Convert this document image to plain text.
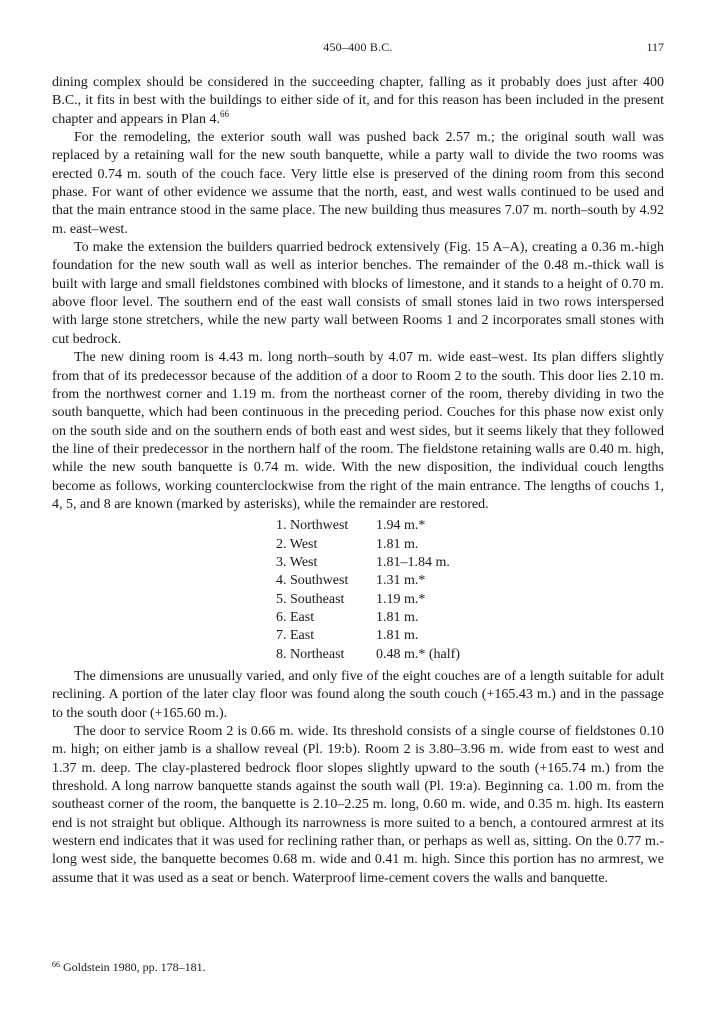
450–400 B.C.	117

dining complex should be considered in the succeeding chapter, falling as it probably does just after 400 B.C., it fits in best with the buildings to either side of it, and for this reason has been included in the present chapter and appears in Plan 4.66

For the remodeling, the exterior south wall was pushed back 2.57 m.; the original south wall was replaced by a retaining wall for the new south banquette, while a party wall to divide the two rooms was erected 0.74 m. south of the couch face. Very little else is preserved of the dining room from this second phase. For want of other evidence we assume that the north, east, and west walls continued to be used and that the main entrance stood in the same place. The new building thus measures 7.07 m. north–south by 4.92 m. east–west.

To make the extension the builders quarried bedrock extensively (Fig. 15 A–A), creating a 0.36 m.-high foundation for the new south wall as well as interior benches. The remainder of the 0.48 m.-thick wall is built with large and small fieldstones combined with blocks of limestone, and it stands to a height of 0.70 m. above floor level. The southern end of the east wall consists of small stones laid in two rows interspersed with large stone stretchers, while the new party wall between Rooms 1 and 2 incorporates small stones with cut bedrock.

The new dining room is 4.43 m. long north–south by 4.07 m. wide east–west. Its plan differs slightly from that of its predecessor because of the addition of a door to Room 2 to the south. This door lies 2.10 m. from the northwest corner and 1.19 m. from the northeast corner of the room, thereby dividing in two the south banquette, which had been continuous in the preceding period. Couches for this phase now exist only on the south side and on the southern ends of both east and west sides, but it seems likely that they followed the line of their predecessor in the northern half of the room. The fieldstone retaining walls are 0.40 m. high, while the new south banquette is 0.74 m. wide. With the new disposition, the individual couch lengths become as follows, working counterclockwise from the right of the main entrance. The lengths of couchs 1, 4, 5, and 8 are known (marked by asterisks), while the remainder are restored.

1. Northwest	1.94 m.*
2. West	1.81 m.
3. West	1.81–1.84 m.
4. Southwest	1.31 m.*
5. Southeast	1.19 m.*
6. East	1.81 m.
7. East	1.81 m.
8. Northeast	0.48 m.* (half)

The dimensions are unusually varied, and only five of the eight couches are of a length suitable for adult reclining. A portion of the later clay floor was found along the south couch (+165.43 m.) and in the passage to the south door (+165.60 m.).

The door to service Room 2 is 0.66 m. wide. Its threshold consists of a single course of fieldstones 0.10 m. high; on either jamb is a shallow reveal (Pl. 19:b). Room 2 is 3.80–3.96 m. wide from east to west and 1.37 m. deep. The clay-plastered bedrock floor slopes slightly upward to the south (+165.74 m.) from the threshold. A long narrow banquette stands against the south wall (Pl. 19:a). Beginning ca. 1.00 m. from the southeast corner of the room, the banquette is 2.10–2.25 m. long, 0.60 m. wide, and 0.35 m. high. Its eastern end is not straight but oblique. Although its narrowness is more suited to a bench, a contoured armrest at its western end indicates that it was used for reclining rather than, or perhaps as well as, sitting. On the 0.77 m.-long west side, the banquette becomes 0.68 m. wide and 0.41 m. high. Since this portion has no armrest, we assume that it was used as a seat or bench. Waterproof lime-cement covers the walls and banquette.

$^{66}$ Goldstein 1980, pp. 178–181.
